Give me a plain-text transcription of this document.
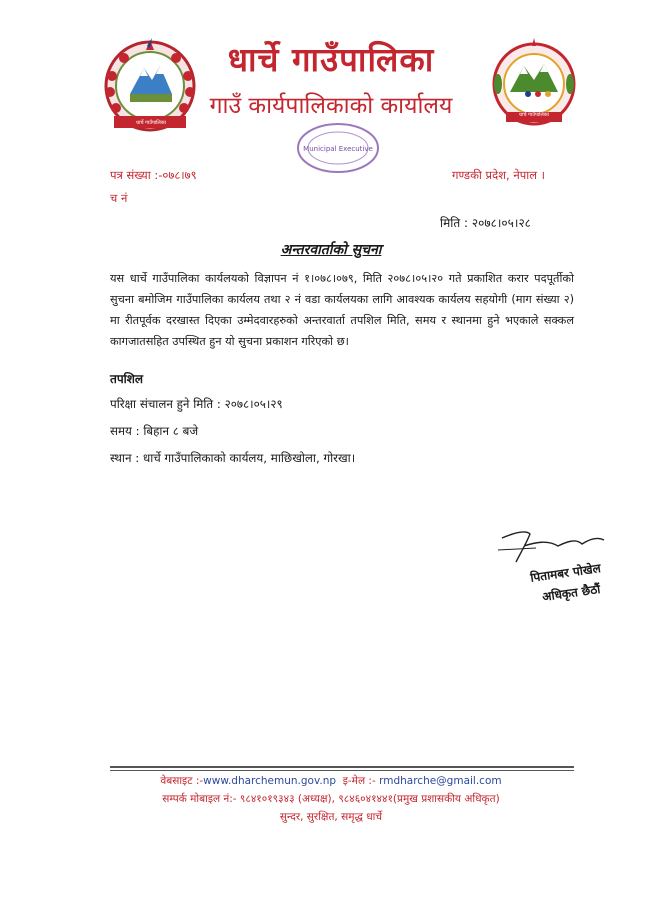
धार्चे गाउँपालिका
धार्चे गाउँपालिका
धार्चे गाउँपालिका
गाउँ कार्यपालिकाको कार्यालय
Municipal Executive
पत्र संख्या :-०७८।७९
च नं
गण्डकी प्रदेश, नेपाल ।
मिति : २०७८।०५।२८
अन्तरवार्ताको सुचना
यस धार्चे गाउँपालिका कार्यलयको विज्ञापन नं १।०७८।०७९, मिति २०७८।०५।२० गते प्रकाशित करार पदपूर्तीको सुचना बमोजिम गाउँपालिका कार्यलय तथा २ नं वडा कार्यलयका लागि आवश्यक कार्यलय सहयोगी (माग संख्या २) मा रीतपूर्वक दरखास्त दिएका उम्मेदवारहरुको अन्तरवार्ता तपशिल मिति, समय र स्थानमा हुने भएकाले सक्कल कागजातसहित उपस्थित हुन यो सुचना प्रकाशन गरिएको छ।
तपशिल
परिक्षा संचालन हुने मिति : २०७८।०५।२९
समय : बिहान ८ बजे
स्थान : धार्चे गाउँपालिकाको कार्यलय, माछिखोला, गोरखा।
पितामबर पोखेल
अधिकृत छैठौं
वेबसाइट :-www.dharchemun.gov.np इ-मेल :- rmdharche@gmail.com
सम्पर्क मोबाइल नं:- ९८४१०१९३४३ (अध्यक्ष), ९८४६०४१४४१(प्रमुख प्रशासकीय अधिकृत)
सुन्दर, सुरक्षित, समृद्ध धार्चे
